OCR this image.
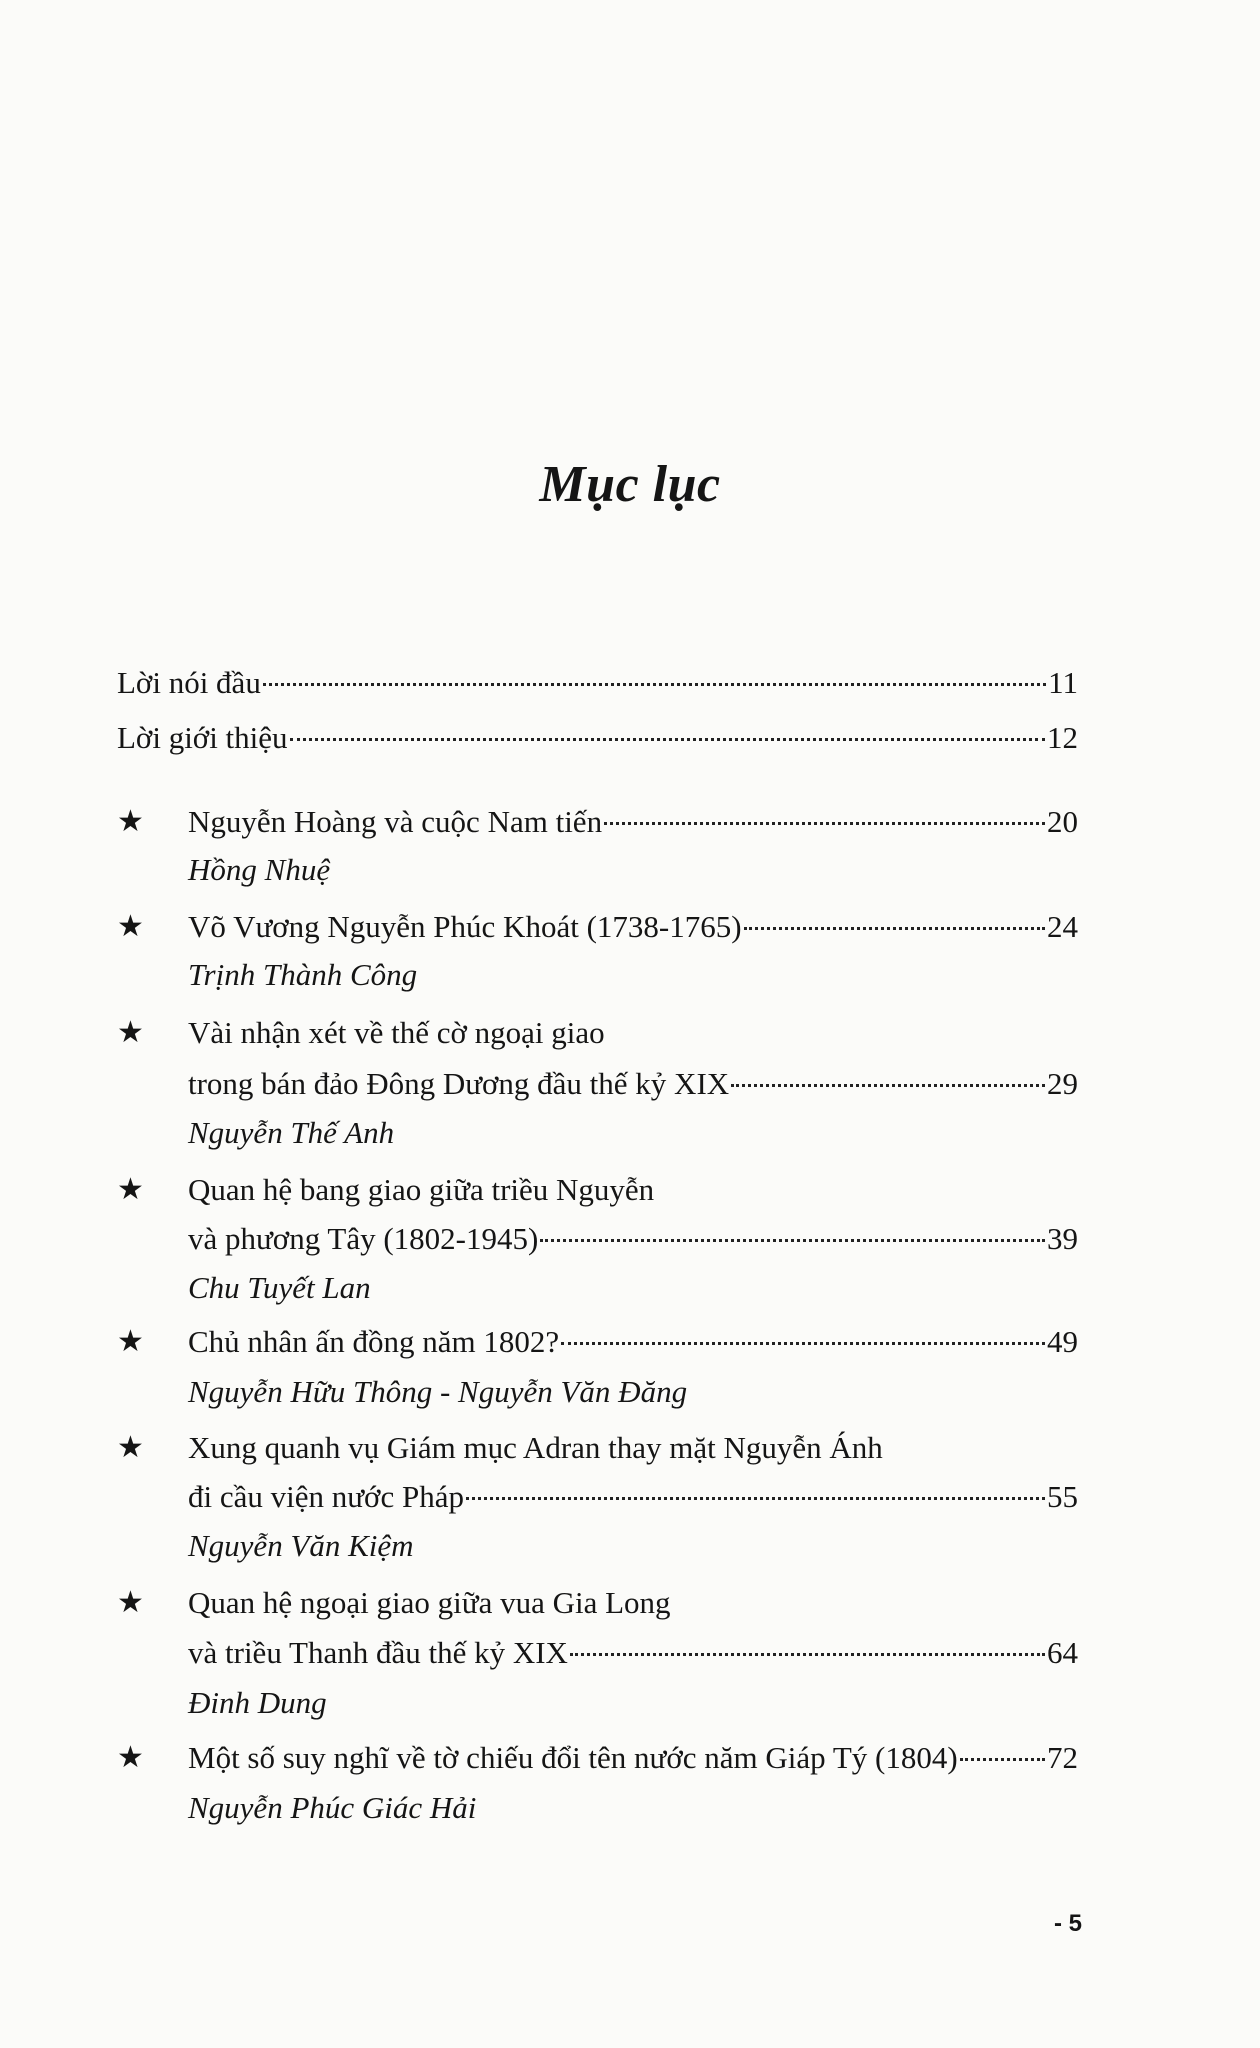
Mục lục
Lời nói đầu	11
Lời giới thiệu	12
★ Nguyễn Hoàng và cuộc Nam tiến	20
Hồng Nhuệ
★ Võ Vương Nguyễn Phúc Khoát (1738-1765)	24
Trịnh Thành Công
★ Vài nhận xét về thế cờ ngoại giao
trong bán đảo Đông Dương đầu thế kỷ XIX	29
Nguyễn Thế Anh
★ Quan hệ bang giao giữa triều Nguyễn
và phương Tây (1802-1945)	39
Chu Tuyết Lan
★ Chủ nhân ấn đồng năm 1802?	49
Nguyễn Hữu Thông - Nguyễn Văn Đăng
★ Xung quanh vụ Giám mục Adran thay mặt Nguyễn Ánh
đi cầu viện nước Pháp	55
Nguyễn Văn Kiệm
★ Quan hệ ngoại giao giữa vua Gia Long
và triều Thanh đầu thế kỷ XIX	64
Đinh Dung
★ Một số suy nghĩ về tờ chiếu đổi tên nước năm Giáp Tý (1804)	72
Nguyễn Phúc Giác Hải
- 5
